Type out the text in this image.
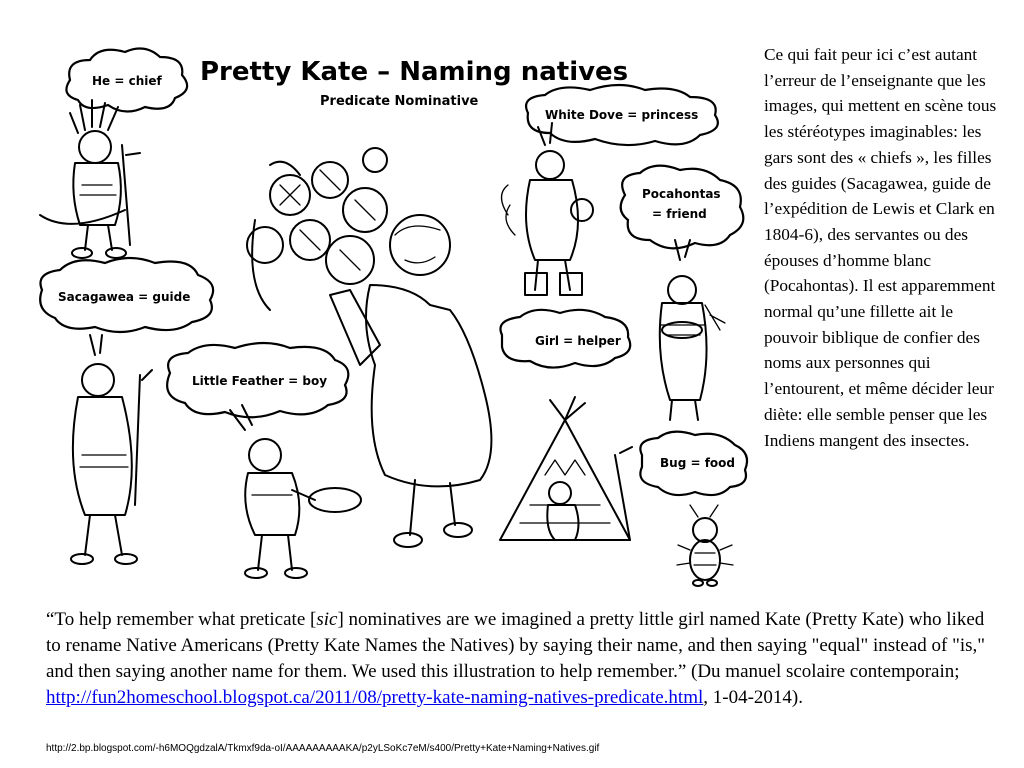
Pretty Kate – Naming natives
Predicate Nominative
He = chief
White Dove = princess
Pocahontas
= friend
Sacagawea = guide
Girl = helper
Little Feather = boy
Bug = food
Ce qui fait peur ici c’est autant l’erreur de l’enseignante que les images, qui mettent en scène tous les stéréotypes imaginables: les gars sont des « chiefs », les filles des guides (Sacagawea, guide de l’expédition de Lewis et Clark en 1804-6), des servantes ou des épouses d’homme blanc (Pocahontas). Il est apparemment normal qu’une fillette ait le pouvoir biblique de confier des noms aux personnes qui l’entourent, et même décider leur diète: elle semble penser que les Indiens mangent des insectes.
“To help remember what preticate [sic] nominatives are we imagined a pretty little girl named Kate (Pretty Kate) who liked to rename Native Americans (Pretty Kate Names the Natives) by saying their name, and then saying "equal" instead of "is," and then saying another name for them. We used this illustration to help remember.” (Du manuel scolaire contemporain; http://fun2homeschool.blogspot.ca/2011/08/pretty-kate-naming-natives-predicate.html, 1-04-2014).
http://2.bp.blogspot.com/-h6MOQgdzalA/Tkmxf9da-oI/AAAAAAAAAKA/p2yLSoKc7eM/s400/Pretty+Kate+Naming+Natives.gif
